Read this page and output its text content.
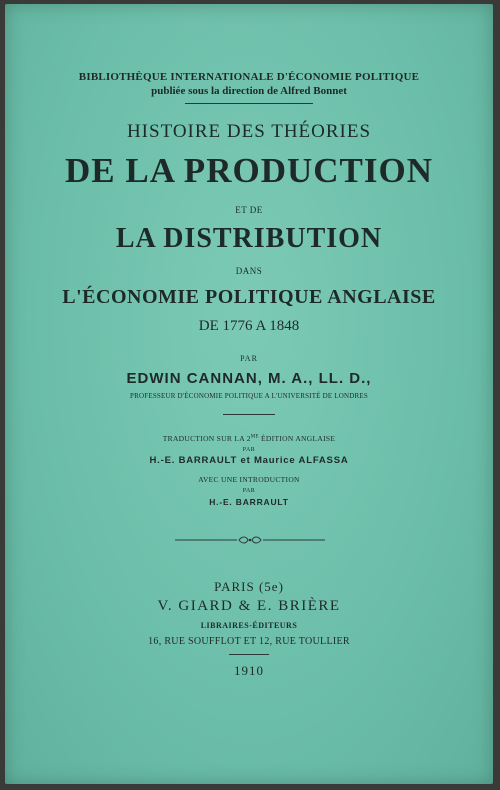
BIBLIOTHÈQUE INTERNATIONALE D'ÉCONOMIE POLITIQUE
publiée sous la direction de Alfred Bonnet
HISTOIRE DES THÉORIES
DE LA PRODUCTION
ET DE
LA DISTRIBUTION
DANS
L'ÉCONOMIE POLITIQUE ANGLAISE
DE 1776 A 1848
PAR
EDWIN CANNAN, M. A., LL. D.,
PROFESSEUR D'ÉCONOMIE POLITIQUE A L'UNIVERSITÉ DE LONDRES
TRADUCTION SUR LA $2^{ME}$ ÉDITION ANGLAISE
PAR
H.-E. BARRAULT et Maurice ALFASSA
AVEC UNE INTRODUCTION
PAR
H.-E. BARRAULT
PARIS (5e)
V. GIARD & E. BRIÈRE
LIBRAIRES-ÉDITEURS
16, RUE SOUFFLOT ET 12, RUE TOULLIER
1910
